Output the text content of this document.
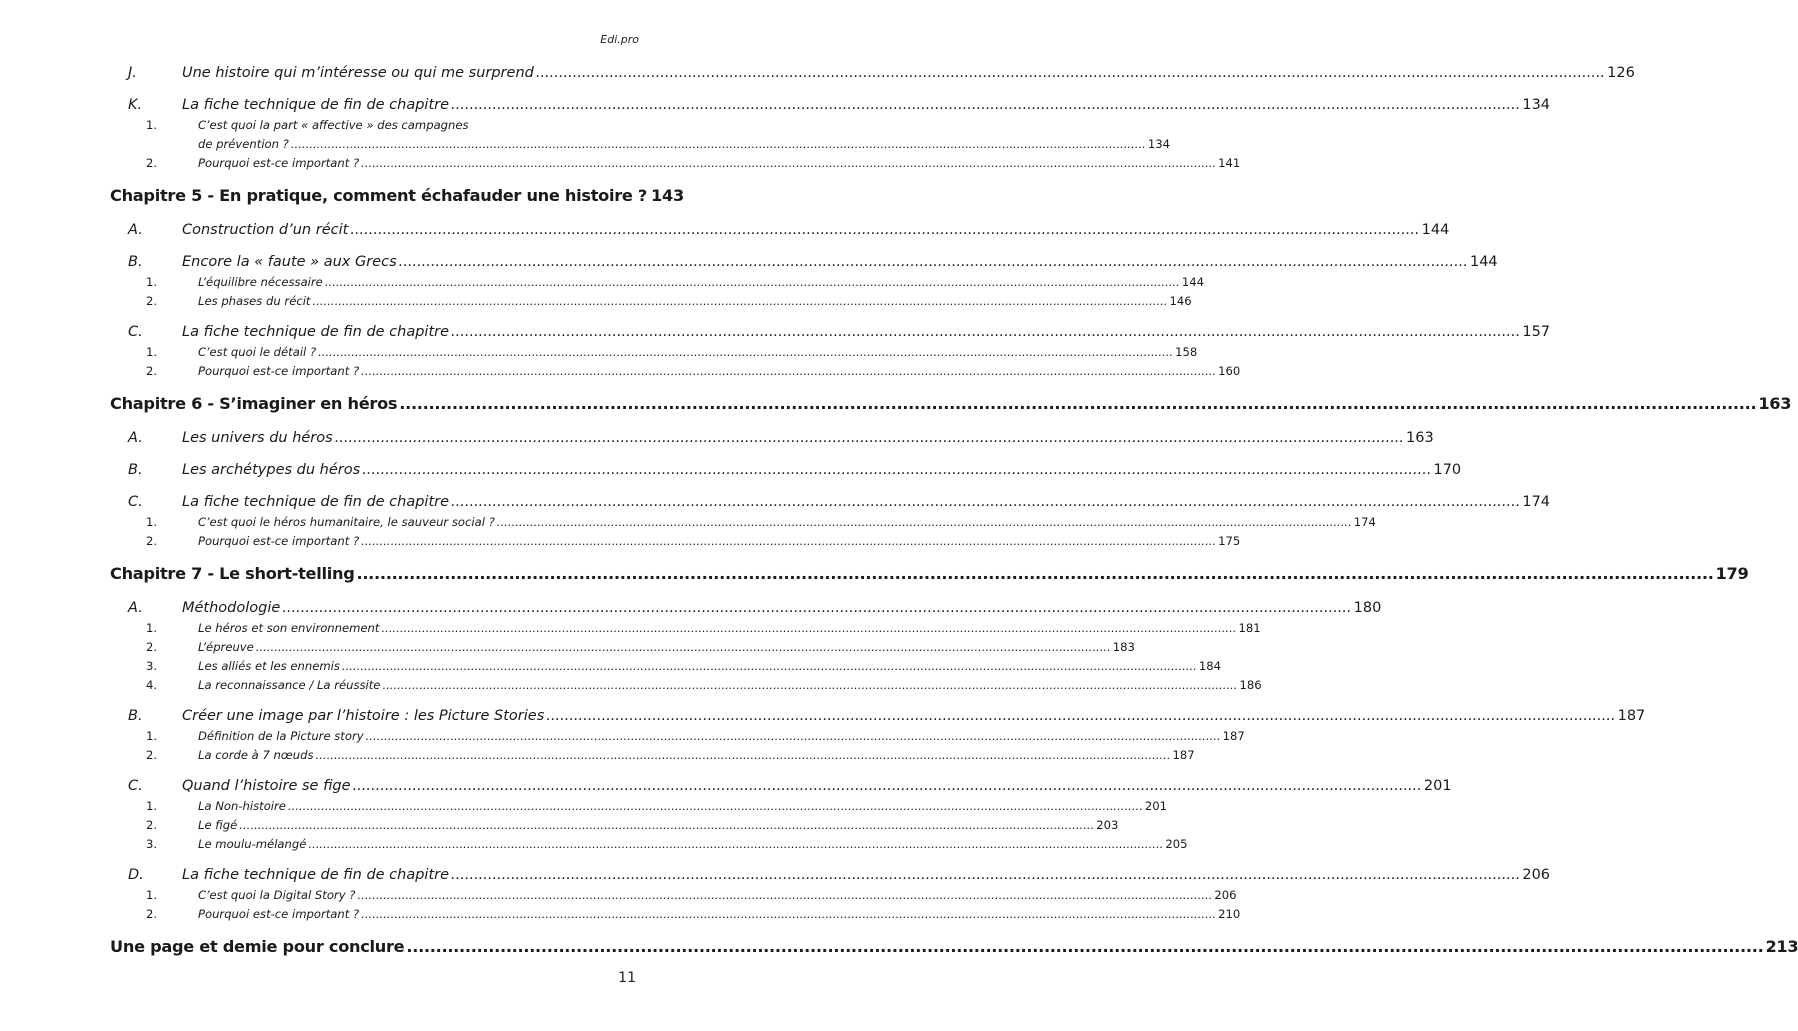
Edi.pro
J.	Une histoire qui m’intéresse ou qui me surprend .....	126
K.	La fiche technique de fin de chapitre .....	134
1.	C’est quoi la part « affective » des campagnes
de prévention ? .....	134
2.	Pourquoi est-ce important ? .....	141
Chapitre 5 - En pratique, comment échafauder une histoire ? 143
A.	Construction d’un récit .....	144
B.	Encore la « faute » aux Grecs .....	144
1.	L’équilibre nécessaire .....	144
2.	Les phases du récit .....	146
C.	La fiche technique de fin de chapitre .....	157
1.	C’est quoi le détail ? .....	158
2.	Pourquoi est-ce important ? .....	160
Chapitre 6 - S’imaginer en héros .....	163
A.	Les univers du héros .....	163
B.	Les archétypes du héros .....	170
C.	La fiche technique de fin de chapitre .....	174
1.	C’est quoi le héros humanitaire, le sauveur social ? .....	174
2.	Pourquoi est-ce important ? .....	175
Chapitre 7 - Le short-telling .....	179
A.	Méthodologie .....	180
1.	Le héros et son environnement .....	181
2.	L’épreuve .....	183
3.	Les alliés et les ennemis .....	184
4.	La reconnaissance / La réussite .....	186
B.	Créer une image par l’histoire : les Picture Stories .....	187
1.	Définition de la Picture story .....	187
2.	La corde à 7 nœuds .....	187
C.	Quand l’histoire se fige .....	201
1.	La Non-histoire .....	201
2.	Le figé .....	203
3.	Le moulu-mélangé .....	205
D.	La fiche technique de fin de chapitre .....	206
1.	C’est quoi la Digital Story ? .....	206
2.	Pourquoi est-ce important ? .....	210
Une page et demie pour conclure .....	213
11
